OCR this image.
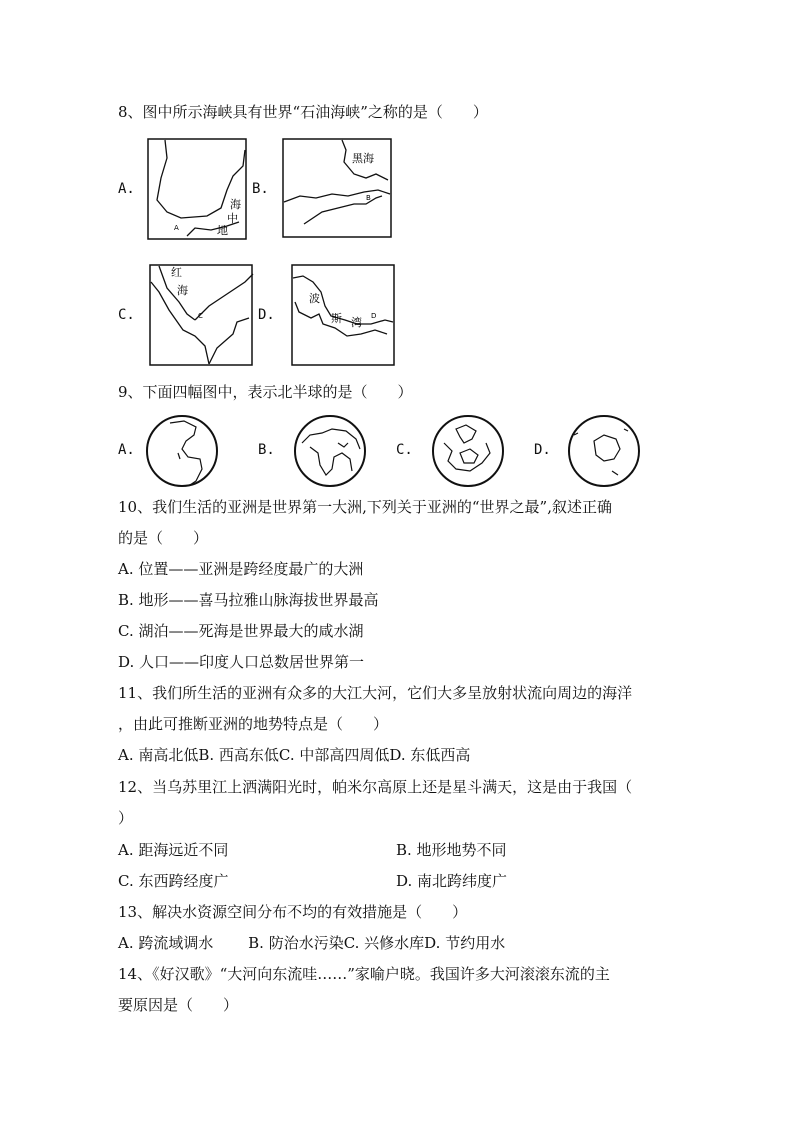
8、图中所示海峡具有世界“石油海峡”之称的是（　　）
A.
海
中
地
A
B.
黑海
B
C.
红
海
C	D.
波
斯 湾 D
9、下面四幅图中，表示北半球的是（　　）
A.	B.	C.	D.
10、我们生活的亚洲是世界第一大洲,下列关于亚洲的“世界之最”,叙述正确
的是（　　）
A. 位置——亚洲是跨经度最广的大洲
B. 地形——喜马拉雅山脉海拔世界最高
C. 湖泊——死海是世界最大的咸水湖
D. 人口——印度人口总数居世界第一
11、我们所生活的亚洲有众多的大江大河，它们大多呈放射状流向周边的海洋
，由此可推断亚洲的地势特点是（　　）
A. 南高北低B. 西高东低C. 中部高四周低D. 东低西高
12、当乌苏里江上洒满阳光时，帕米尔高原上还是星斗满天，这是由于我国（
）
A. 距海远近不同	B. 地形地势不同
C. 东西跨经度广	D. 南北跨纬度广
13、解决水资源空间分布不均的有效措施是（　　）
A. 跨流域调水　　 B. 防治水污染C. 兴修水库D. 节约用水
14、《好汉歌》“大河向东流哇……”家喻户晓。我国许多大河滚滚东流的主
要原因是（　　）
